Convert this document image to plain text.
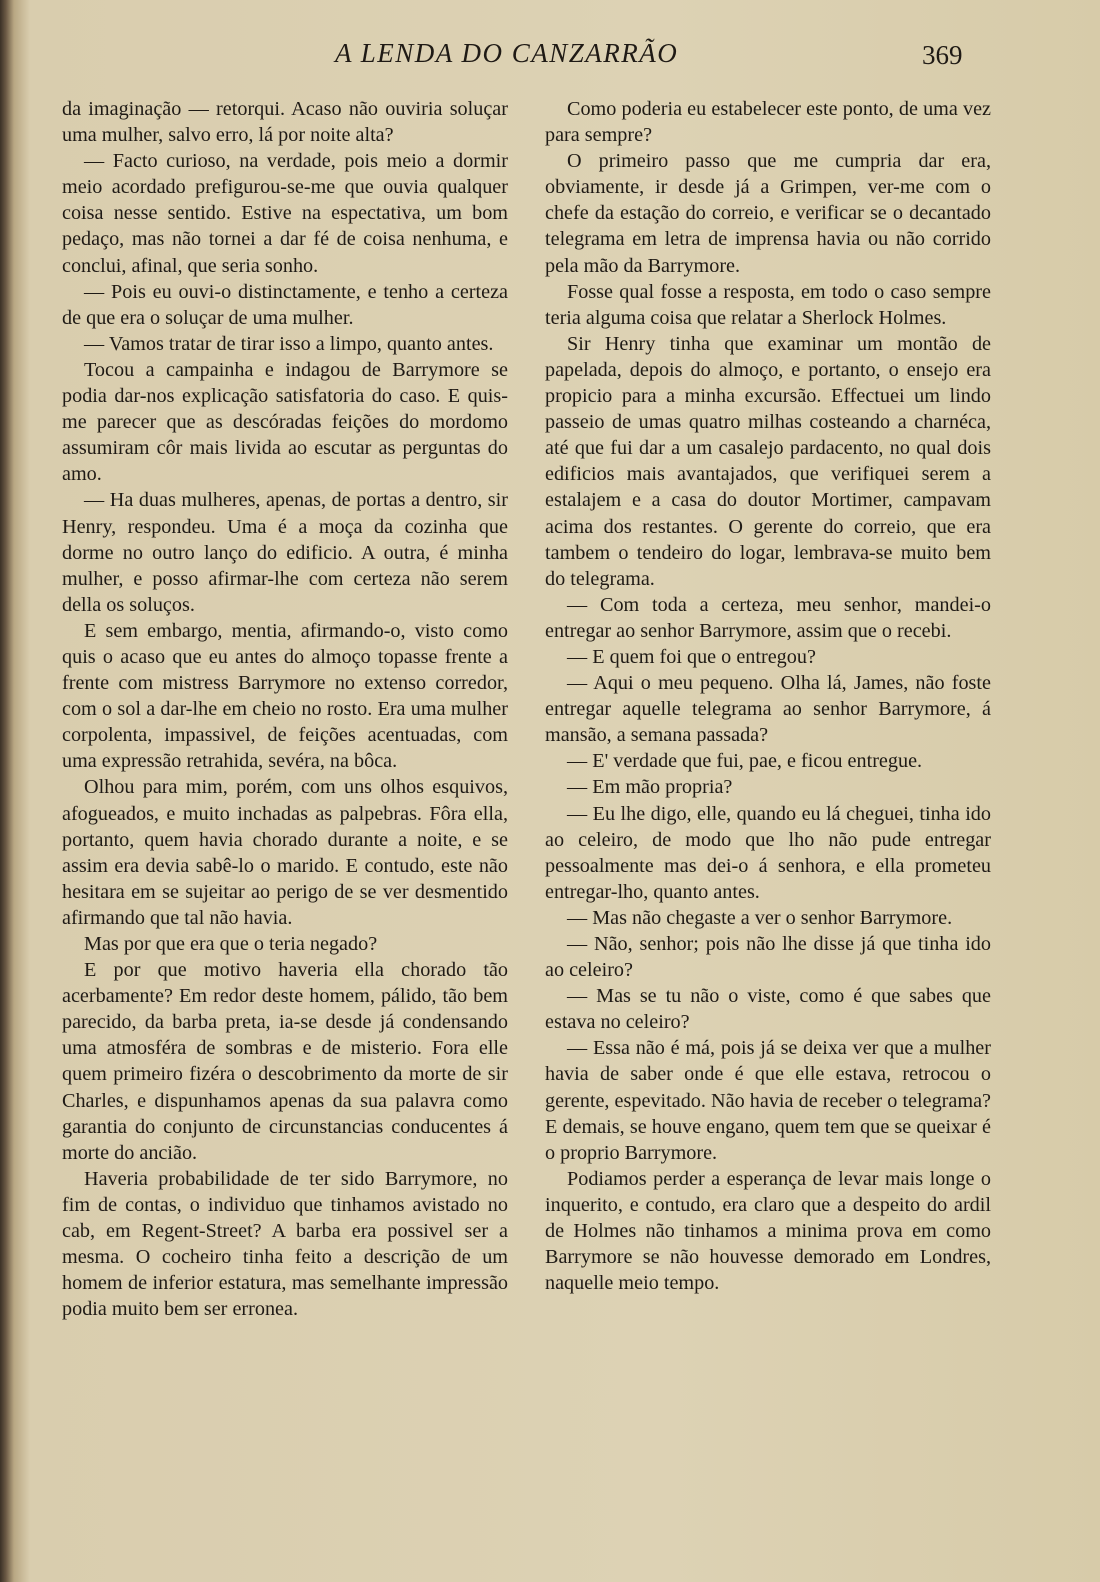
A LENDA DO CANZARRÃO	369

da imaginação — retorqui. Acaso não ouviria soluçar uma mulher, salvo erro, lá por noite alta?

— Facto curioso, na verdade, pois meio a dormir meio acordado prefigurou-se-me que ouvia qualquer coisa nesse sentido. Estive na espectativa, um bom pedaço, mas não tornei a dar fé de coisa nenhuma, e conclui, afinal, que seria sonho.

— Pois eu ouvi-o distinctamente, e tenho a certeza de que era o soluçar de uma mulher.

— Vamos tratar de tirar isso a limpo, quanto antes.

Tocou a campainha e indagou de Barrymore se podia dar-nos explicação satisfatoria do caso. E quis-me parecer que as descóradas feições do mordomo assumiram côr mais livida ao escutar as perguntas do amo.

— Ha duas mulheres, apenas, de portas a dentro, sir Henry, respondeu. Uma é a moça da cozinha que dorme no outro lanço do edificio. A outra, é minha mulher, e posso afirmar-lhe com certeza não serem della os soluços.

E sem embargo, mentia, afirmando-o, visto como quis o acaso que eu antes do almoço topasse frente a frente com mistress Barrymore no extenso corredor, com o sol a dar-lhe em cheio no rosto. Era uma mulher corpolenta, impassivel, de feições acentuadas, com uma expressão retrahida, sevéra, na bôca.

Olhou para mim, porém, com uns olhos esquivos, afogueados, e muito inchadas as palpebras. Fôra ella, portanto, quem havia chorado durante a noite, e se assim era devia sabê-lo o marido. E contudo, este não hesitara em se sujeitar ao perigo de se ver desmentido afirmando que tal não havia.

Mas por que era que o teria negado?

E por que motivo haveria ella chorado tão acerbamente? Em redor deste homem, pálido, tão bem parecido, da barba preta, ia-se desde já condensando uma atmosféra de sombras e de misterio. Fora elle quem primeiro fizéra o descobrimento da morte de sir Charles, e dispunhamos apenas da sua palavra como garantia do conjunto de circunstancias conducentes á morte do ancião.

Haveria probabilidade de ter sido Barrymore, no fim de contas, o individuo que tinhamos avistado no cab, em Regent-Street? A barba era possivel ser a mesma. O cocheiro tinha feito a descrição de um homem de inferior estatura, mas semelhante impressão podia muito bem ser erronea.

Como poderia eu estabelecer este ponto, de uma vez para sempre?

O primeiro passo que me cumpria dar era, obviamente, ir desde já a Grimpen, ver-me com o chefe da estação do correio, e verificar se o decantado telegrama em letra de imprensa havia ou não corrido pela mão da Barrymore.

Fosse qual fosse a resposta, em todo o caso sempre teria alguma coisa que relatar a Sherlock Holmes.

Sir Henry tinha que examinar um montão de papelada, depois do almoço, e portanto, o ensejo era propicio para a minha excursão. Effectuei um lindo passeio de umas quatro milhas costeando a charnéca, até que fui dar a um casalejo pardacento, no qual dois edificios mais avantajados, que verifiquei serem a estalajem e a casa do doutor Mortimer, campavam acima dos restantes. O gerente do correio, que era tambem o tendeiro do logar, lembrava-se muito bem do telegrama.

— Com toda a certeza, meu senhor, mandei-o entregar ao senhor Barrymore, assim que o recebi.

— E quem foi que o entregou?

— Aqui o meu pequeno. Olha lá, James, não foste entregar aquelle telegrama ao senhor Barrymore, á mansão, a semana passada?

— E' verdade que fui, pae, e ficou entregue.

— Em mão propria?

— Eu lhe digo, elle, quando eu lá cheguei, tinha ido ao celeiro, de modo que lho não pude entregar pessoalmente mas dei-o á senhora, e ella prometeu entregar-lho, quanto antes.

— Mas não chegaste a ver o senhor Barrymore.

— Não, senhor; pois não lhe disse já que tinha ido ao celeiro?

— Mas se tu não o viste, como é que sabes que estava no celeiro?

— Essa não é má, pois já se deixa ver que a mulher havia de saber onde é que elle estava, retrocou o gerente, espevitado. Não havia de receber o telegrama? E demais, se houve engano, quem tem que se queixar é o proprio Barrymore.

Podiamos perder a esperança de levar mais longe o inquerito, e contudo, era claro que a despeito do ardil de Holmes não tinhamos a minima prova em como Barrymore se não houvesse demorado em Londres, naquelle meio tempo.
